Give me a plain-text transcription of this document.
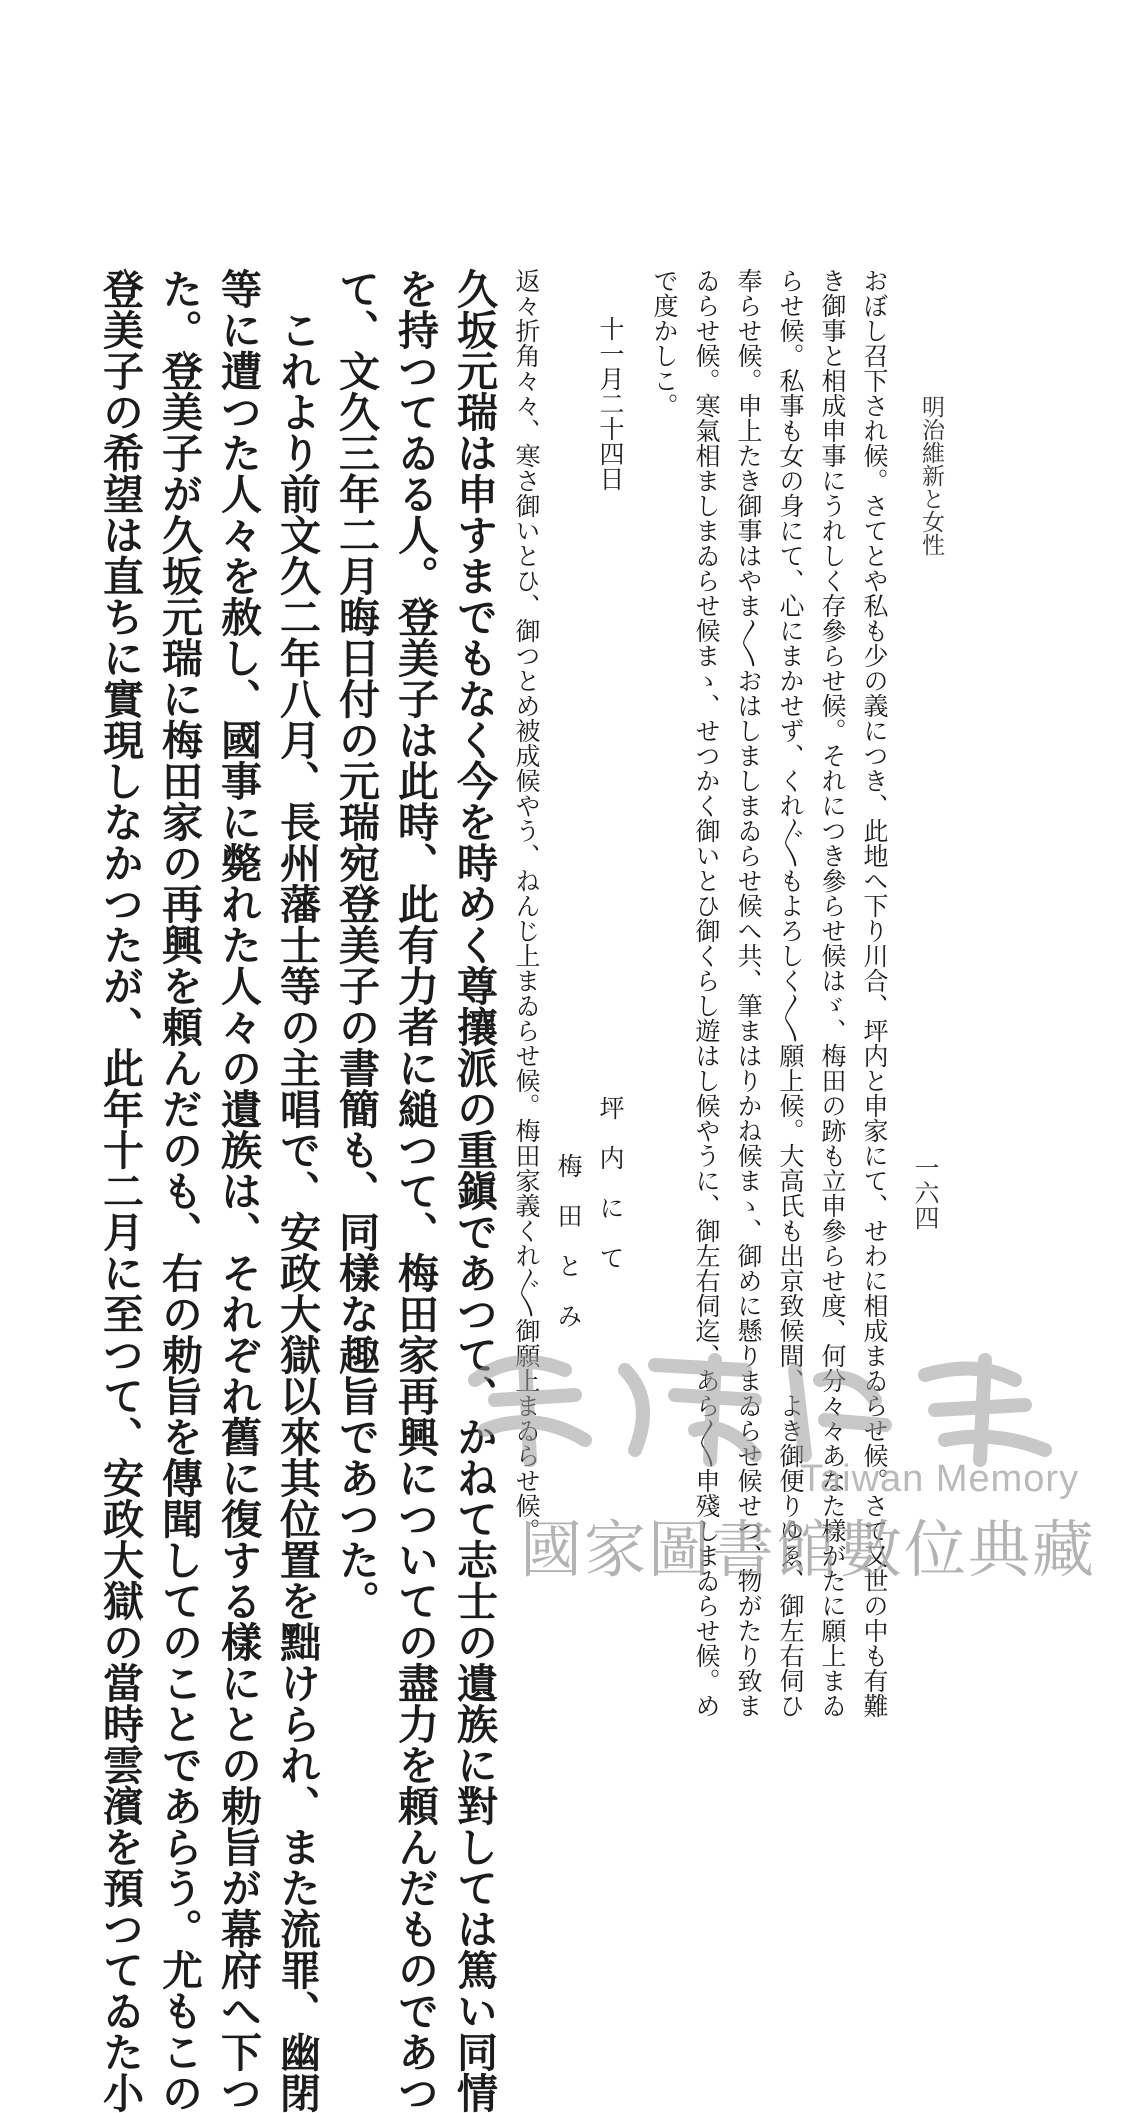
明治維新と女性
一六四
おぼし召下され候。さてとや私も少の義につき、此地へ下り川合、坪内と申家にて、せわに相成まゐらせ候。さて又世の中も有難
き御事と相成申事にうれしく存參らせ候。それにつき參らせ候はゞ、梅田の跡も立申參らせ度、何分々々あなた樣がたに願上まゐ
らせ候。私事も女の身にて、心にまかせず、くれ〴〵もよろしく〳〵願上候。大高氏も出京致候間、よき御便りゆゑ、御左右伺ひ
奉らせ候。申上たき御事はやま〳〵おはしましまゐらせ候へ共、筆まはりかね候まゝ、御めに懸りまゐらせ候せつ、物がたり致ま
ゐらせ候。寒氣相ましまゐらせ候まゝ、せつかく御いとひ御くらし遊はし候やうに、御左右伺迄、あら〳〵申殘しまゐらせ候。め
で度かしこ。
十一月二十四日
坪　内　に　て
梅　田　と　み
返々折角々々、寒さ御いとひ、御つとめ被成候やう、ねんじ上まゐらせ候。梅田家義くれ〴〵御願上まゐらせ候。
久坂元瑞は申すまでもなく今を時めく尊攘派の重鎭であつて、かねて志士の遺族に對しては篤い同情
を持つてゐる人。登美子は此時、此有力者に縋つて、梅田家再興についての盡力を頼んだものであつ
て、文久三年二月晦日付の元瑞宛登美子の書簡も、同樣な趣旨であつた。
　これより前文久二年八月、長州藩士等の主唱で、安政大獄以來其位置を黜けられ、また流罪、幽閉
等に遭つた人々を赦し、國事に斃れた人々の遺族は、それぞれ舊に復する樣にとの勅旨が幕府へ下つ
た。登美子が久坂元瑞に梅田家の再興を頼んだのも、右の勅旨を傳聞してのことであらう。尤もこの
登美子の希望は直ちに實現しなかつたが、此年十二月に至つて、安政大獄の當時雲濱を預つてゐた小	Taiwan Memory
國家圖書館數位典藏
